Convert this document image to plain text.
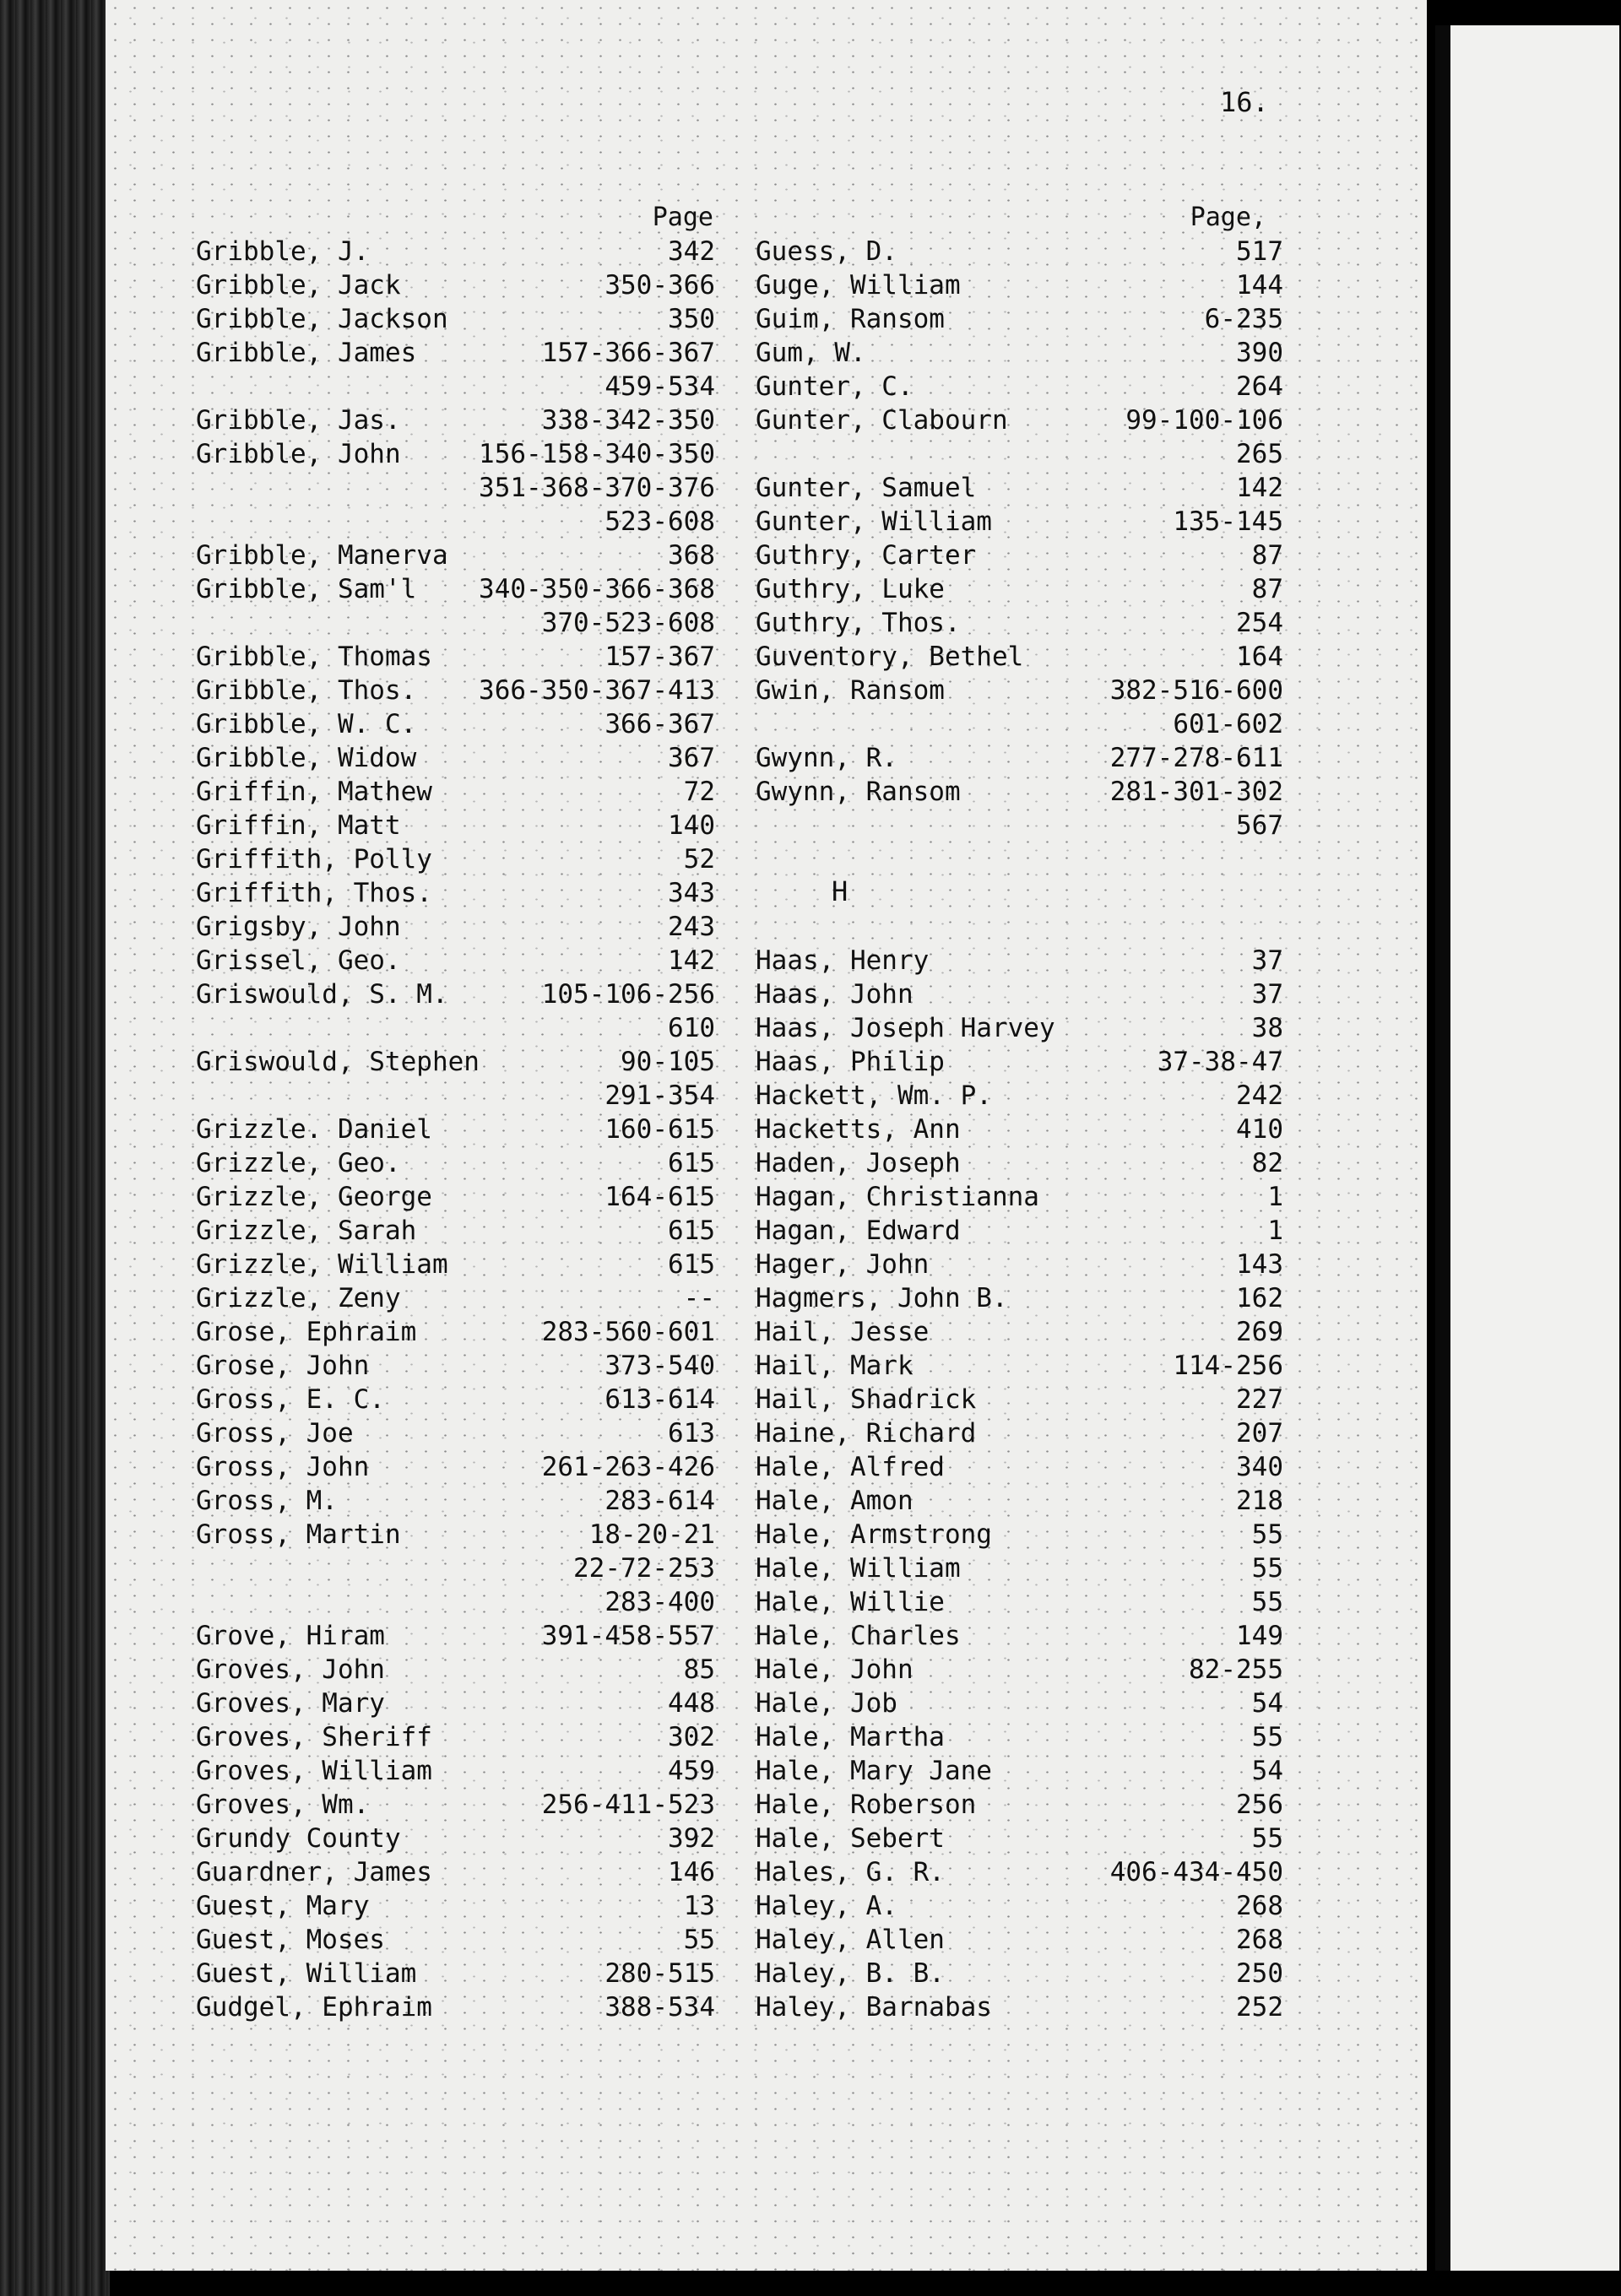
16.
Page	Page,
H
Gribble, J.	342
Gribble, Jack	350-366
Gribble, Jackson	350
Gribble, James	157-366-367
459-534
Gribble, Jas.	338-342-350
Gribble, John	156-158-340-350
351-368-370-376
523-608
Gribble, Manerva	368
Gribble, Sam'l 340-350-366-368
370-523-608
Gribble, Thomas	157-367
Gribble, Thos. 366-350-367-413
Gribble, W. C.	366-367
Gribble, Widow	367
Griffin, Mathew	72
Griffin, Matt	140
Griffith, Polly	52
Griffith, Thos.	343
Grigsby, John	243
Grissel, Geo.	142
Griswould, S. M.	105-106-256
610
Griswould, Stephen	90-105
291-354
Grizzle. Daniel	160-615
Grizzle, Geo.	615
Grizzle, George	164-615
Grizzle, Sarah	615
Grizzle, William	615
Grizzle, Zeny	--
Grose, Ephraim	283-560-601
Grose, John	373-540
Gross, E. C.	613-614
Gross, Joe	613
Gross, John	261-263-426
Gross, M.	283-614
Gross, Martin	18-20-21
22-72-253
283-400
Grove, Hiram	391-458-557
Groves, John	85
Groves, Mary	448
Groves, Sheriff	302
Groves, William	459
Groves, Wm.	256-411-523
Grundy County	392
Guardner, James	146
Guest, Mary	13
Guest, Moses	55
Guest, William	280-515
Gudgel, Ephraim	388-534
Guess, D.	517
Guge, William	144
Guim, Ransom	6-235
Gum, W.	390
Gunter, C.	264
Gunter, Clabourn	99-100-106
265
Gunter, Samuel	142
Gunter, William	135-145
Guthry, Carter	87
Guthry, Luke	87
Guthry, Thos.	254
Guventory, Bethel	164
Gwin, Ransom	382-516-600
601-602
Gwynn, R.	277-278-611
Gwynn, Ransom	281-301-302
567
Haas, Henry	37
Haas, John	37
Haas, Joseph Harvey	38
Haas, Philip	37-38-47
Hackett, Wm. P.	242
Hacketts, Ann	410
Haden, Joseph	82
Hagan, Christianna	1
Hagan, Edward	1
Hager, John	143
Hagmers, John B.	162
Hail, Jesse	269
Hail, Mark	114-256
Hail, Shadrick	227
Haine, Richard	207
Hale, Alfred	340
Hale, Amon	218
Hale, Armstrong	55
Hale, William	55
Hale, Willie	55
Hale, Charles	149
Hale, John	82-255
Hale, Job	54
Hale, Martha	55
Hale, Mary Jane	54
Hale, Roberson	256
Hale, Sebert	55
Hales, G. R.	406-434-450
Haley, A.	268
Haley, Allen	268
Haley, B. B.	250
Haley, Barnabas	252
